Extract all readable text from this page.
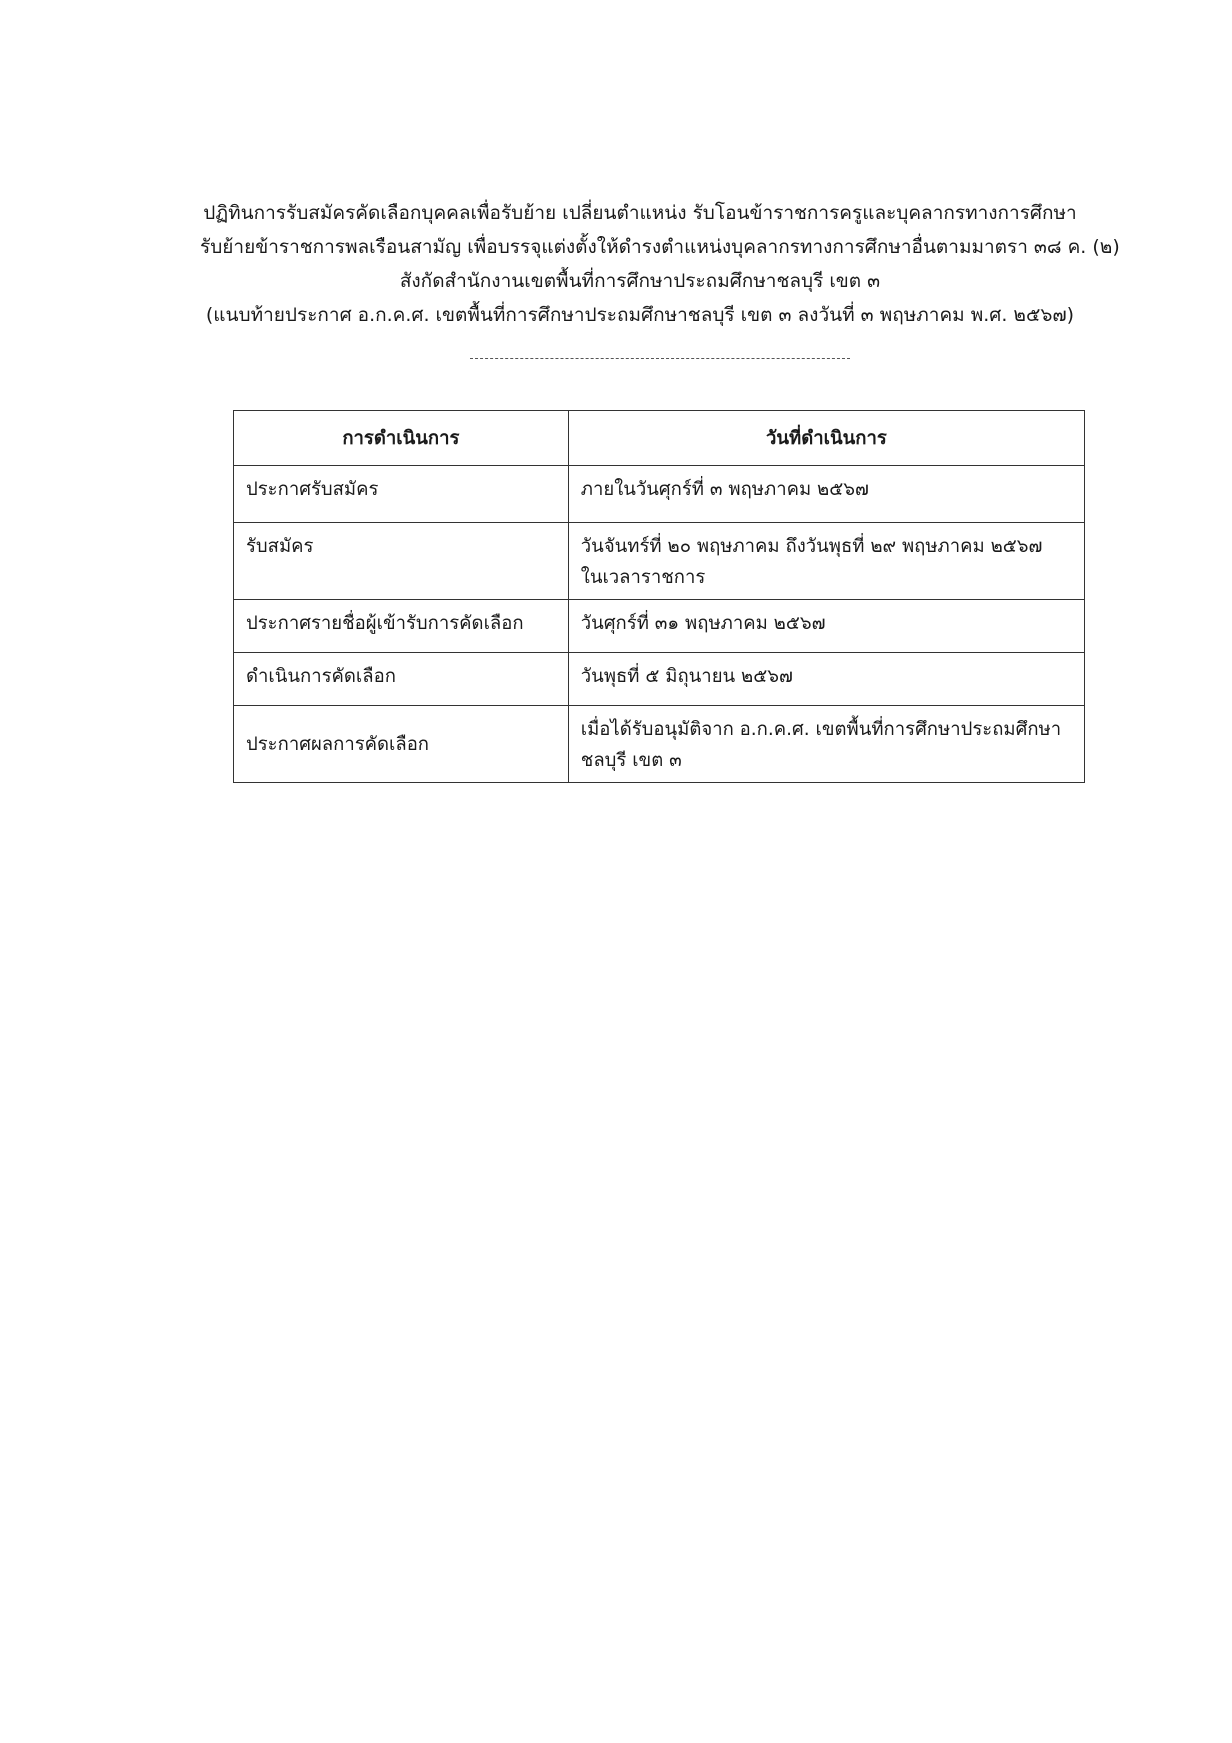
ปฏิทินการรับสมัครคัดเลือกบุคคลเพื่อรับย้าย เปลี่ยนตำแหน่ง รับโอนข้าราชการครูและบุคลากรทางการศึกษา
รับย้ายข้าราชการพลเรือนสามัญ เพื่อบรรจุแต่งตั้งให้ดำรงตำแหน่งบุคลากรทางการศึกษาอื่นตามมาตรา ๓๘ ค. (๒)
สังกัดสำนักงานเขตพื้นที่การศึกษาประถมศึกษาชลบุรี เขต ๓
(แนบท้ายประกาศ อ.ก.ค.ศ. เขตพื้นที่การศึกษาประถมศึกษาชลบุรี เขต ๓ ลงวันที่ ๓ พฤษภาคม พ.ศ. ๒๕๖๗)
การดำเนินการ	วันที่ดำเนินการ
ประกาศรับสมัคร	ภายในวันศุกร์ที่ ๓ พฤษภาคม ๒๕๖๗

รับสมัคร	วันจันทร์ที่ ๒๐ พฤษภาคม ถึงวันพุธที่ ๒๙ พฤษภาคม ๒๕๖๗
ในเวลาราชการ

ประกาศรายชื่อผู้เข้ารับการคัดเลือก	วันศุกร์ที่ ๓๑ พฤษภาคม ๒๕๖๗

ดำเนินการคัดเลือก	วันพุธที่ ๕ มิถุนายน ๒๕๖๗

ประกาศผลการคัดเลือก	เมื่อได้รับอนุมัติจาก อ.ก.ค.ศ. เขตพื้นที่การศึกษาประถมศึกษา
ชลบุรี เขต ๓
